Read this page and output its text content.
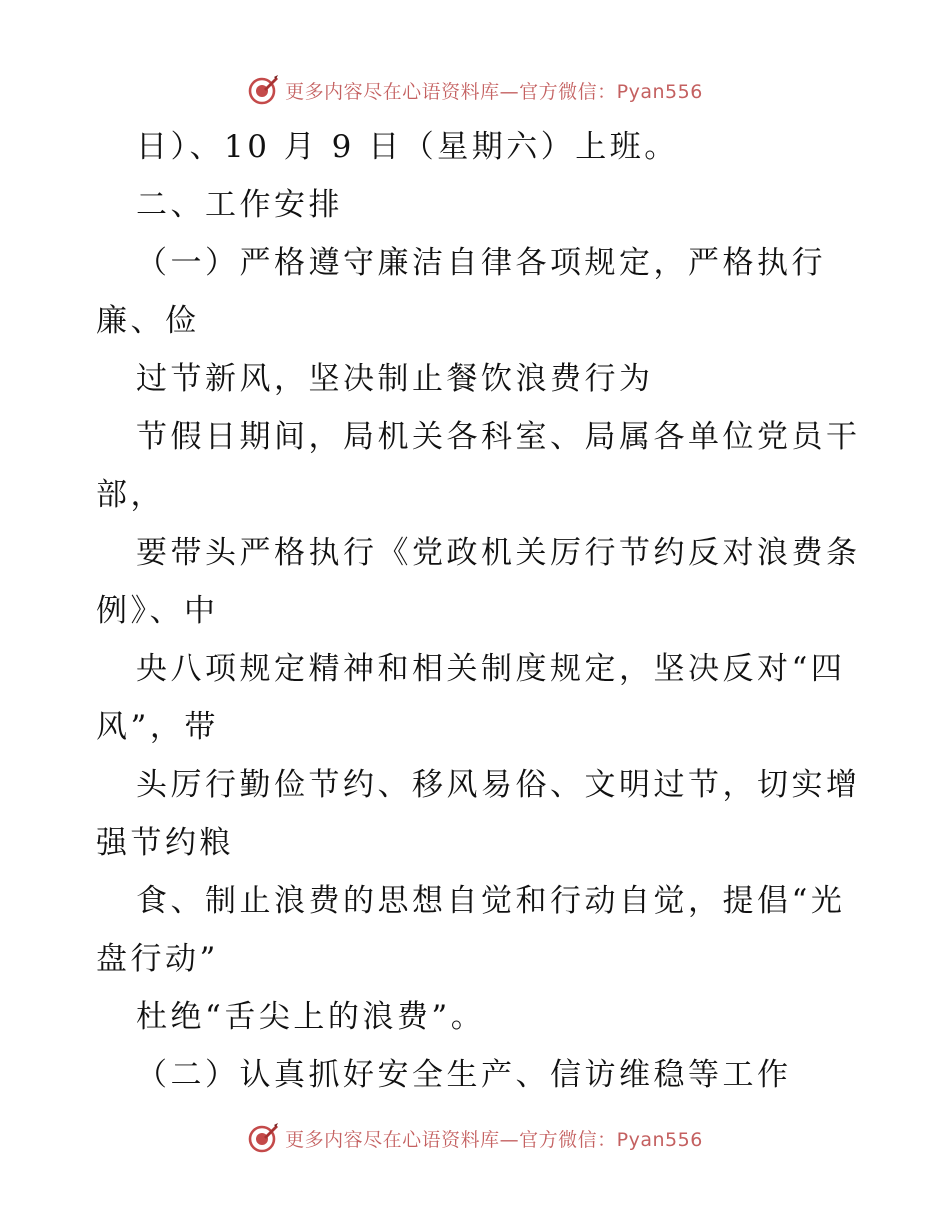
更多内容尽在心语资料库—官方微信：Pyan556
日）、10 月 9 日（星期六）上班。
二、工作安排
（一）严格遵守廉洁自律各项规定，严格执行
廉、俭
过节新风，坚决制止餐饮浪费行为
节假日期间，局机关各科室、局属各单位党员干
部，
要带头严格执行《党政机关厉行节约反对浪费条
例》、中
央八项规定精神和相关制度规定，坚决反对“四
风”，带
头厉行勤俭节约、移风易俗、文明过节，切实增
强节约粮
食、制止浪费的思想自觉和行动自觉，提倡“光
盘行动”
杜绝“舌尖上的浪费”。
（二）认真抓好安全生产、信访维稳等工作
更多内容尽在心语资料库—官方微信：Pyan556
